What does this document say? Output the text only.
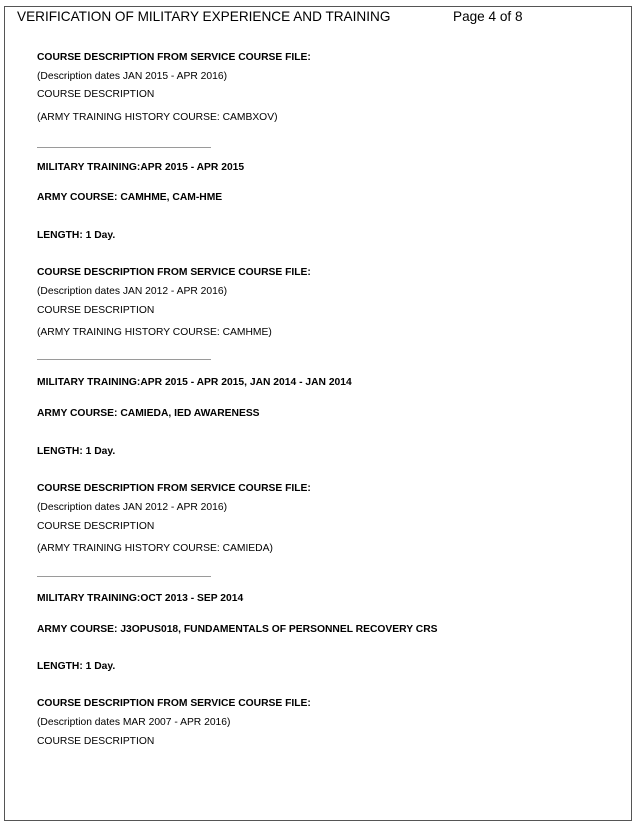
VERIFICATION OF MILITARY EXPERIENCE AND TRAINING	Page 4 of 8
COURSE DESCRIPTION FROM SERVICE COURSE FILE:
(Description dates JAN 2015 - APR 2016)
COURSE DESCRIPTION
(ARMY TRAINING HISTORY COURSE: CAMBXOV)
MILITARY TRAINING:APR 2015 - APR 2015
ARMY COURSE: CAMHME, CAM-HME
LENGTH: 1 Day.
COURSE DESCRIPTION FROM SERVICE COURSE FILE:
(Description dates JAN 2012 - APR 2016)
COURSE DESCRIPTION
(ARMY TRAINING HISTORY COURSE: CAMHME)
MILITARY TRAINING:APR 2015 - APR 2015, JAN 2014 - JAN 2014
ARMY COURSE: CAMIEDA, IED AWARENESS
LENGTH: 1 Day.
COURSE DESCRIPTION FROM SERVICE COURSE FILE:
(Description dates JAN 2012 - APR 2016)
COURSE DESCRIPTION
(ARMY TRAINING HISTORY COURSE: CAMIEDA)
MILITARY TRAINING:OCT 2013 - SEP 2014
ARMY COURSE: J3OPUS018, FUNDAMENTALS OF PERSONNEL RECOVERY CRS
LENGTH: 1 Day.
COURSE DESCRIPTION FROM SERVICE COURSE FILE:
(Description dates MAR 2007 - APR 2016)
COURSE DESCRIPTION
